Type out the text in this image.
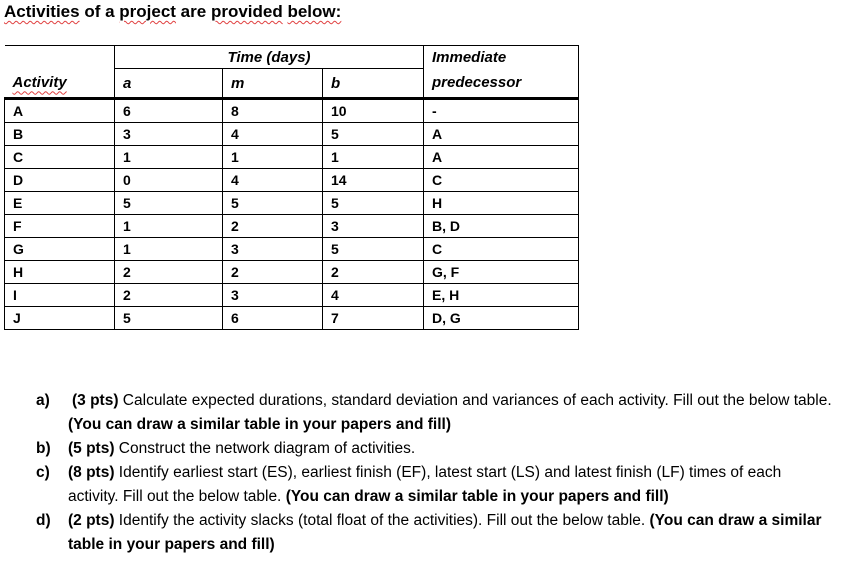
Activities of a project are provided below:
	Time (days)			Immediate
Activity	a	m	b	predecessor
A	6	8	10	-
B	3	4	5	A
C	1	1	1	A
D	0	4	14	C
E	5	5	5	H
F	1	2	3	B, D
G	1	3	5	C
H	2	2	2	G, F
I	2	3	4	E, H
J	5	6	7	D, G
a) (3 pts) Calculate expected durations, standard deviation and variances of each activity. Fill out the below table. (You can draw a similar table in your papers and fill)
b) (5 pts) Construct the network diagram of activities.
c) (8 pts) Identify earliest start (ES), earliest finish (EF), latest start (LS) and latest finish (LF) times of each activity. Fill out the below table. (You can draw a similar table in your papers and fill)
d) (2 pts) Identify the activity slacks (total float of the activities). Fill out the below table. (You can draw a similar table in your papers and fill)
